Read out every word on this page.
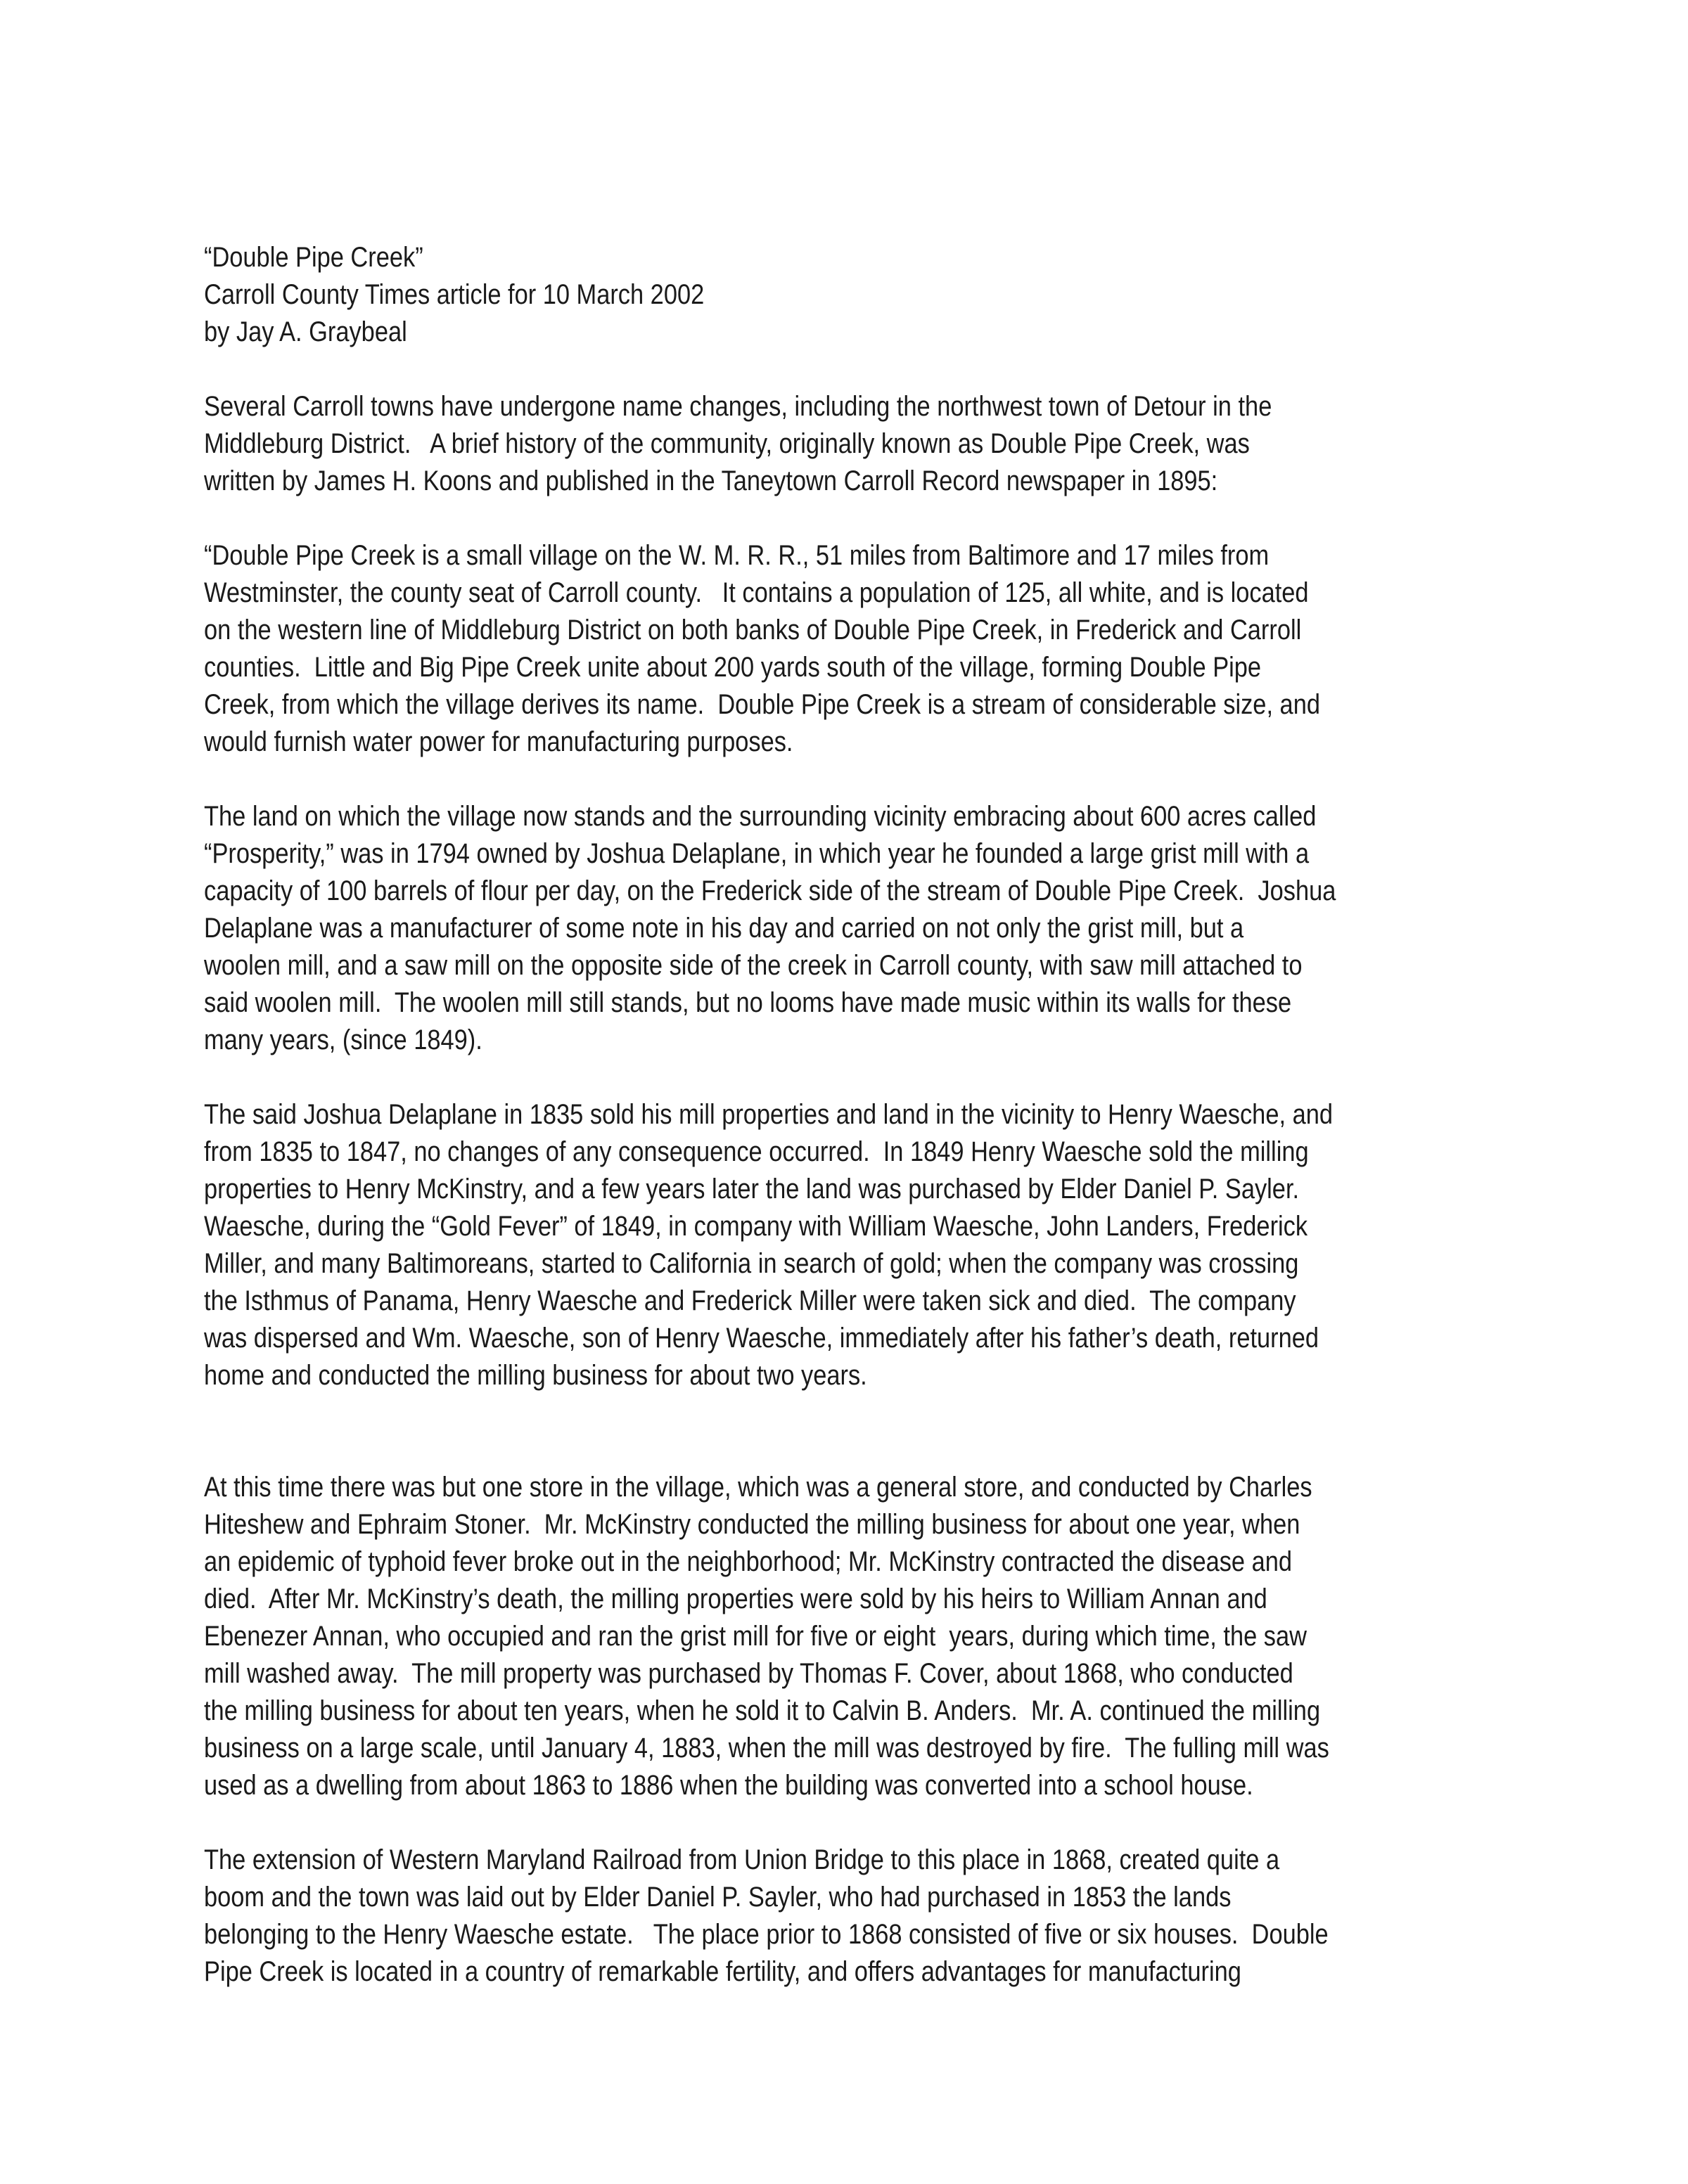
“Double Pipe Creek”
Carroll County Times article for 10 March 2002
by Jay A. Graybeal
Several Carroll towns have undergone name changes, including the northwest town of Detour in the
Middleburg District.   A brief history of the community, originally known as Double Pipe Creek, was
written by James H. Koons and published in the Taneytown Carroll Record newspaper in 1895:
“Double Pipe Creek is a small village on the W. M. R. R., 51 miles from Baltimore and 17 miles from
Westminster, the county seat of Carroll county.   It contains a population of 125, all white, and is located
on the western line of Middleburg District on both banks of Double Pipe Creek, in Frederick and Carroll
counties.  Little and Big Pipe Creek unite about 200 yards south of the village, forming Double Pipe
Creek, from which the village derives its name.  Double Pipe Creek is a stream of considerable size, and
would furnish water power for manufacturing purposes.
The land on which the village now stands and the surrounding vicinity embracing about 600 acres called
“Prosperity,” was in 1794 owned by Joshua Delaplane, in which year he founded a large grist mill with a
capacity of 100 barrels of flour per day, on the Frederick side of the stream of Double Pipe Creek.  Joshua
Delaplane was a manufacturer of some note in his day and carried on not only the grist mill, but a
woolen mill, and a saw mill on the opposite side of the creek in Carroll county, with saw mill attached to
said woolen mill.  The woolen mill still stands, but no looms have made music within its walls for these
many years, (since 1849).
The said Joshua Delaplane in 1835 sold his mill properties and land in the vicinity to Henry Waesche, and
from 1835 to 1847, no changes of any consequence occurred.  In 1849 Henry Waesche sold the milling
properties to Henry McKinstry, and a few years later the land was purchased by Elder Daniel P. Sayler.
Waesche, during the “Gold Fever” of 1849, in company with William Waesche, John Landers, Frederick
Miller, and many Baltimoreans, started to California in search of gold; when the company was crossing
the Isthmus of Panama, Henry Waesche and Frederick Miller were taken sick and died.  The company
was dispersed and Wm. Waesche, son of Henry Waesche, immediately after his father’s death, returned
home and conducted the milling business for about two years.
At this time there was but one store in the village, which was a general store, and conducted by Charles
Hiteshew and Ephraim Stoner.  Mr. McKinstry conducted the milling business for about one year, when
an epidemic of typhoid fever broke out in the neighborhood; Mr. McKinstry contracted the disease and
died.  After Mr. McKinstry’s death, the milling properties were sold by his heirs to William Annan and
Ebenezer Annan, who occupied and ran the grist mill for five or eight  years, during which time, the saw
mill washed away.  The mill property was purchased by Thomas F. Cover, about 1868, who conducted
the milling business for about ten years, when he sold it to Calvin B. Anders.  Mr. A. continued the milling
business on a large scale, until January 4, 1883, when the mill was destroyed by fire.  The fulling mill was
used as a dwelling from about 1863 to 1886 when the building was converted into a school house.
The extension of Western Maryland Railroad from Union Bridge to this place in 1868, created quite a
boom and the town was laid out by Elder Daniel P. Sayler, who had purchased in 1853 the lands
belonging to the Henry Waesche estate.   The place prior to 1868 consisted of five or six houses.  Double
Pipe Creek is located in a country of remarkable fertility, and offers advantages for manufacturing
